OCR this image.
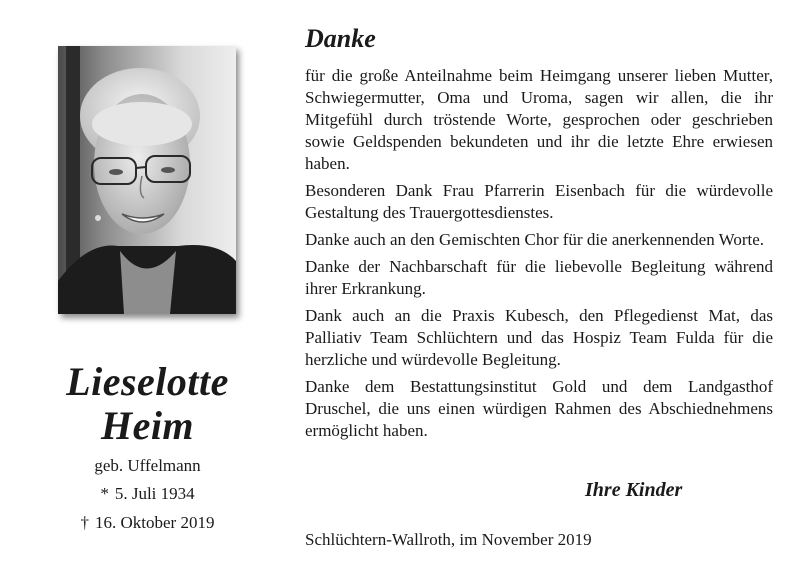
Lieselotte
Heim
geb. Uffelmann
* 5. Juli 1934
† 16. Oktober 2019
Danke

für die große Anteilnahme beim Heimgang unserer lieben Mutter, Schwiegermutter, Oma und Uroma, sagen wir allen, die ihr Mitgefühl durch tröstende Worte, gesprochen oder geschrieben sowie Geldspenden bekundeten und ihr die letzte Ehre erwiesen haben.

Besonderen Dank Frau Pfarrerin Eisenbach für die würdevolle Gestaltung des Trauergottesdienstes.

Danke auch an den Gemischten Chor für die anerkennenden Worte.

Danke der Nachbarschaft für die liebevolle Begleitung während ihrer Erkrankung.

Dank auch an die Praxis Kubesch, den Pflegedienst Mat, das Palliativ Team Schlüchtern und das Hospiz Team Fulda für die herzliche und würdevolle Begleitung.

Danke dem Bestattungsinstitut Gold und dem Landgasthof Druschel, die uns einen würdigen Rahmen des Abschiednehmens ermöglicht haben.

Ihre Kinder
Schlüchtern-Wallroth, im November 2019
